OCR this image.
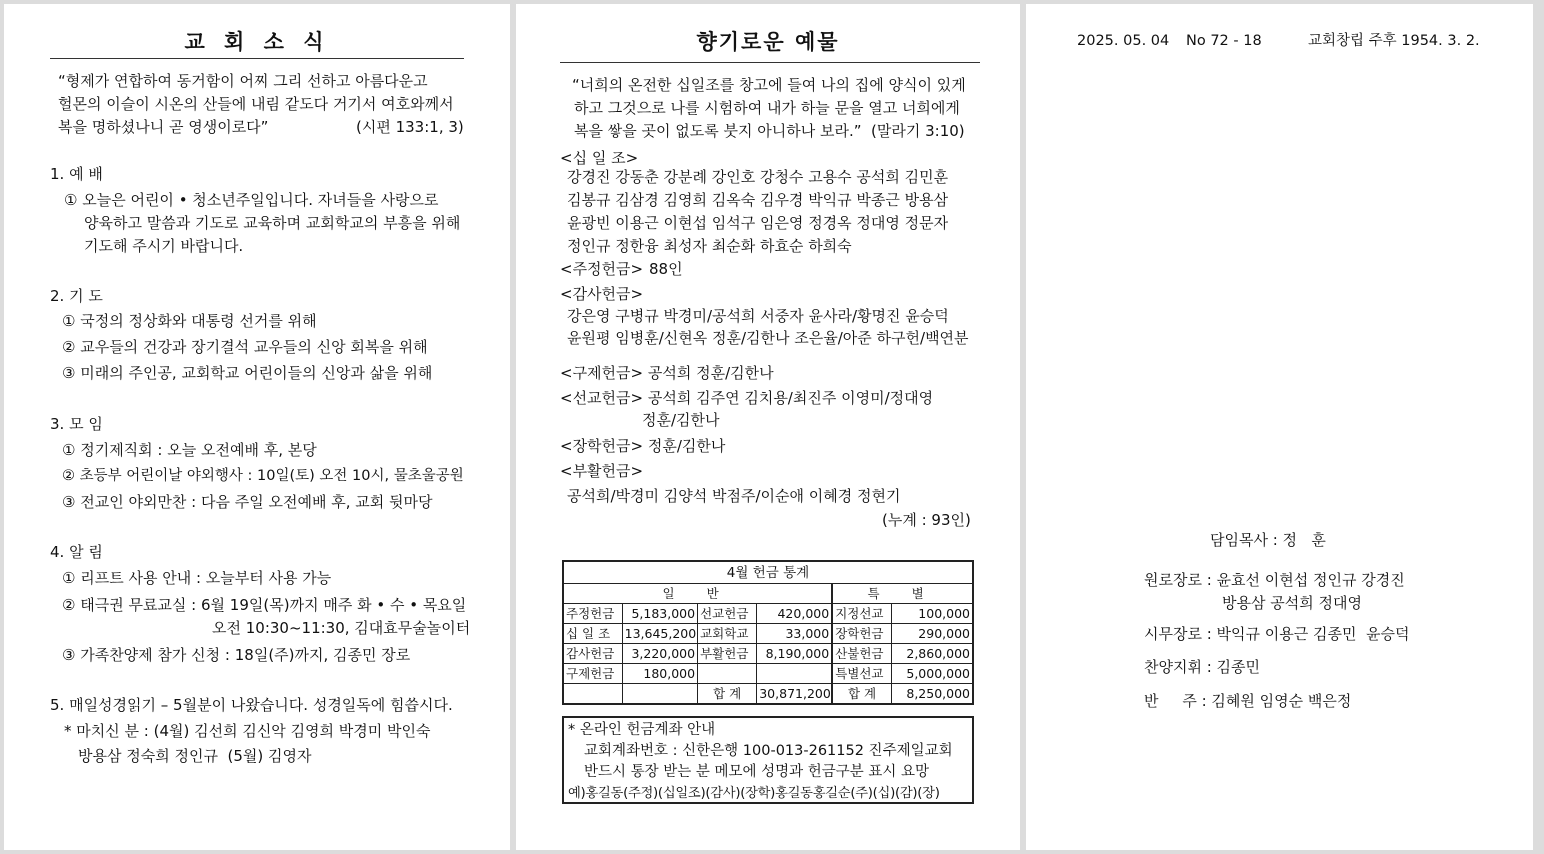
교 회 소 식
“형제가 연합하여 동거함이 어찌 그리 선하고 아름다운고
헐몬의 이슬이 시온의 산들에 내림 같도다 거기서 여호와께서
복을 명하셨나니 곧 영생이로다”	(시편 133:1, 3)
1. 예 배
① 오늘은 어린이 • 청소년주일입니다. 자녀들을 사랑으로
양육하고 말씀과 기도로 교육하며 교회학교의 부흥을 위해
기도해 주시기 바랍니다.
2. 기 도
① 국정의 정상화와 대통령 선거를 위해
② 교우들의 건강과 장기결석 교우들의 신앙 회복을 위해
③ 미래의 주인공, 교회학교 어린이들의 신앙과 삶을 위해
3. 모 임
① 정기제직회 : 오늘 오전예배 후, 본당
② 초등부 어린이날 야외행사 : 10일(토) 오전 10시, 물초울공원
③ 전교인 야외만찬 : 다음 주일 오전예배 후, 교회 뒷마당
4. 알 림
① 리프트 사용 안내 : 오늘부터 사용 가능
② 태극권 무료교실 : 6월 19일(목)까지 매주 화 • 수 • 목요일
오전 10:30~11:30, 김대효무술놀이터
③ 가족찬양제 참가 신청 : 18일(주)까지, 김종민 장로
5. 매일성경읽기 – 5월분이 나왔습니다. 성경일독에 힘씁시다.
* 마치신 분 : (4월) 김선희 김신악 김영희 박경미 박인숙
방용삼 정숙희 정인규  (5월) 김영자
향기로운 예물
“너희의 온전한 십일조를 창고에 들여 나의 집에 양식이 있게
하고 그것으로 나를 시험하여 내가 하늘 문을 열고 너희에게
복을 쌓을 곳이 없도록 붓지 아니하나 보라.”  (말라기 3:10)
<십 일 조>
강경진 강동춘 강분례 강인호 강청수 고용수 공석희 김민훈
김봉규 김삼경 김영희 김옥숙 김우경 박익규 박종근 방용삼
윤광빈 이용근 이현섭 임석구 임은영 정경옥 정대영 정문자
정인규 정한융 최성자 최순화 하효순 하희숙
<주정헌금> 88인
<감사헌금>
강은영 구병규 박경미/공석희 서중자 윤사라/황명진 윤승덕
윤원평 임병훈/신현옥 정훈/김한나 조은율/아준 하구헌/백연분
<구제헌금> 공석희 정훈/김한나
<선교헌금> 공석희 김주연 김치용/최진주 이영미/정대영
정훈/김한나
<장학헌금> 정훈/김한나
<부활헌금>
공석희/박경미 김양석 박점주/이순애 이혜경 정현기
(누계 : 93인)
4월 헌금 통계					
일 반				특 별	
주정헌금	5,183,000	선교헌금	420,000	지정선교	100,000
십 일 조	13,645,200	교회학교	33,000	장학헌금	290,000
감사헌금	3,220,000	부활헌금	8,190,000	산불헌금	2,860,000
구제헌금	180,000			특별선교	5,000,000
		합 계	30,871,200	합 계	8,250,000
* 온라인 헌금계좌 안내
교회계좌번호 : 신한은행 100-013-261152 진주제일교회
반드시 통장 받는 분 메모에 성명과 헌금구분 표시 요망
예)홍길동(주정)(십일조)(감사)(장학)홍길동홍길순(주)(십)(감)(장)
2025. 05. 04 No 72 - 18	교회창립 주후 1954. 3. 2.
담임목사 : 정   훈
원로장로 : 윤효선 이현섭 정인규 강경진
방용삼 공석희 정대영
시무장로 : 박익규 이용근 김종민  윤승덕
찬양지휘 : 김종민
반     주 : 김혜원 임영순 백은정
